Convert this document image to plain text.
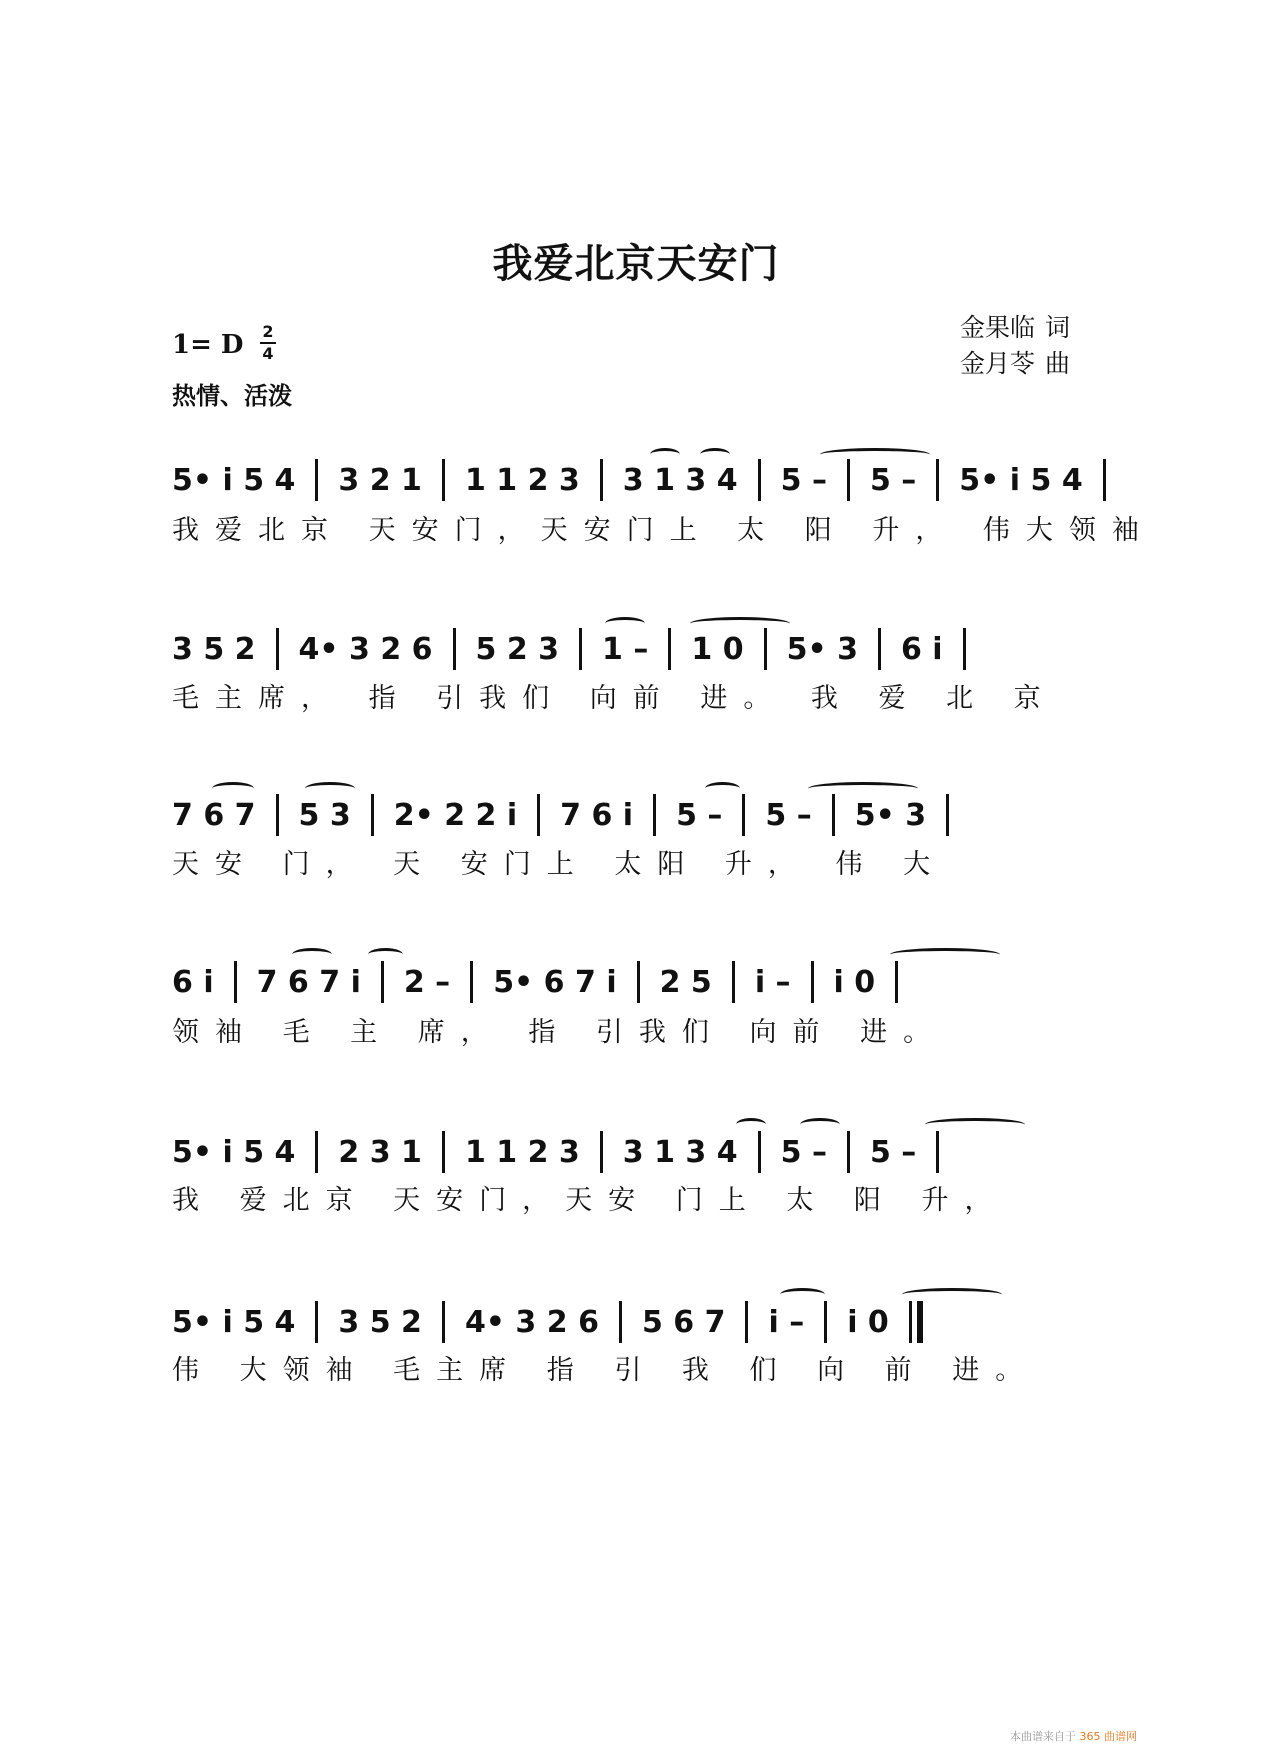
我爱北京天安门
金果临 词
金月苓 曲
1= D 2
4
热情、活泼
5• i 5 4 3 2 1 1 1 2 3 3 1 3 4 5 – 5 – 5• i 5 4
我爱北京 天安门，天安门上 太 阳 升， 伟大领袖
3 5 2 4• 3 2 6 5 2 3 1 – 1 0 5• 3 6 i
毛主席， 指 引我们 向前 进。 我 爱 北 京
7 6 7 5 3 2• 2 2 i 7 6 i 5 – 5 – 5• 3
天安 门， 天 安门上 太阳 升， 伟 大
6 i 7 6 7 i 2 – 5• 6 7 i 2 5 i – i 0
领袖 毛 主 席， 指 引我们 向前 进。
5• i 5 4 2 3 1 1 1 2 3 3 1 3 4 5 – 5 –
我 爱北京 天安门，天安 门上 太 阳 升，
5• i 5 4 3 5 2 4• 3 2 6 5 6 7 i – i 0
伟 大领袖 毛主席 指 引 我 们 向 前 进。
本曲谱来自于 365 曲谱网
